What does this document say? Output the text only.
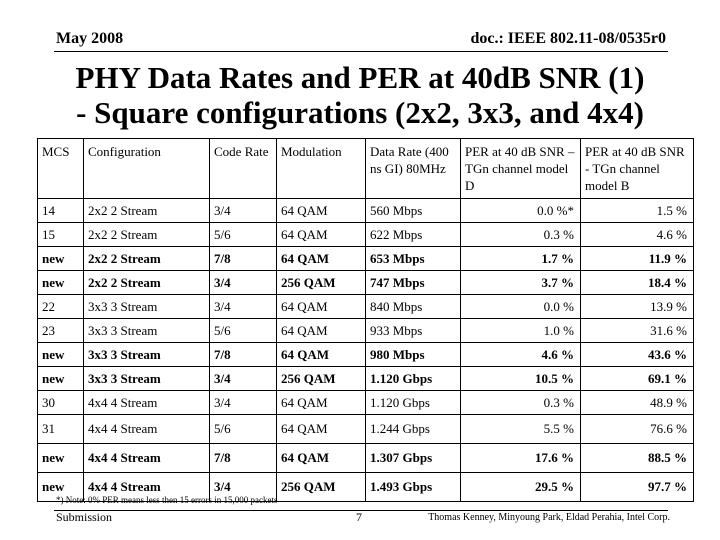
May 2008	doc.: IEEE 802.11-08/0535r0
PHY Data Rates and PER at 40dB SNR (1)
- Square configurations (2x2, 3x3, and 4x4)
MCS	Configuration	Code Rate	Modulation	Data Rate (400 ns GI) 80MHz	PER at 40 dB SNR – TGn channel model D	PER at 40 dB SNR - TGn channel model B
14	2x2 2 Stream	3/4	64 QAM	560 Mbps	0.0 %*	1.5 %
15	2x2 2 Stream	5/6	64 QAM	622 Mbps	0.3 %	4.6 %
new	2x2 2 Stream	7/8	64 QAM	653 Mbps	1.7 %	11.9 %
new	2x2 2 Stream	3/4	256 QAM	747 Mbps	3.7 %	18.4 %
22	3x3 3 Stream	3/4	64 QAM	840 Mbps	0.0 %	13.9 %
23	3x3 3 Stream	5/6	64 QAM	933 Mbps	1.0 %	31.6 %
new	3x3 3 Stream	7/8	64 QAM	980 Mbps	4.6 %	43.6 %
new	3x3 3 Stream	3/4	256 QAM	1.120 Gbps	10.5 %	69.1 %
30	4x4 4 Stream	3/4	64 QAM	1.120 Gbps	0.3 %	48.9 %
31	4x4 4 Stream	5/6	64 QAM	1.244 Gbps	5.5 %	76.6 %
new	4x4 4 Stream	7/8	64 QAM	1.307 Gbps	17.6 %	88.5 %
new	4x4 4 Stream	3/4	256 QAM	1.493 Gbps	29.5 %	97.7 %
*) Note: 0% PER means less then 15 errors in 15,000 packets
Submission	7	Thomas Kenney, Minyoung Park, Eldad Perahia, Intel Corp.
